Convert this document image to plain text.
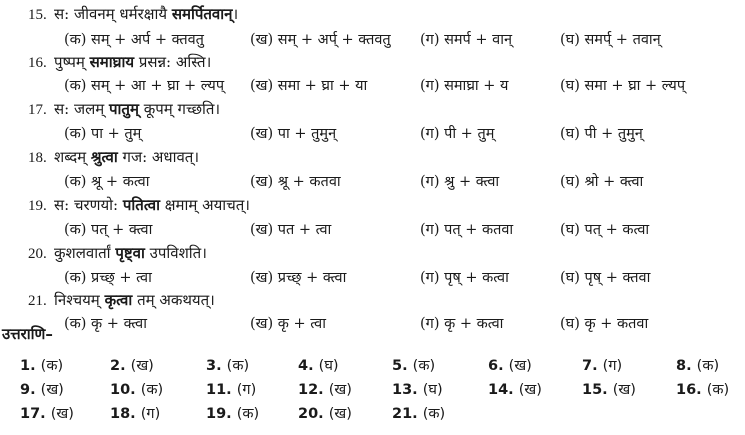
15. स: जीवनम् धर्मरक्षायै समर्पितवान्।
(क) सम् + अर्प + क्तवतु	(ख) सम् + अर्प् + क्तवतु (ग) समर्प + वान्	(घ) समर्प् + तवान्
16. पुष्पम् समाघ्राय प्रसन्न: अस्ति।
(क) सम् + आ + घ्रा + ल्यप् (ख) समा + घ्रा + या	(ग) समाघ्रा + य	(घ) समा + घ्रा + ल्यप्
17. स: जलम् पातुम् कूपम् गच्छति।
(क) पा + तुम्	(ख) पा + तुमुन्	(ग) पी + तुम्	(घ) पी + तुमुन्
18. शब्दम् श्रुत्वा गज: अधावत्।
(क) श्रू + कत्वा	(ख) श्रू + कतवा	(ग) श्रु + क्त्वा	(घ) श्रो + क्त्वा
19. स: चरणयो: पतित्वा क्षमाम् अयाचत्।
(क) पत् + क्त्वा	(ख) पत + त्वा	(ग) पत् + कतवा	(घ) पत् + कत्वा
20. कुशलवार्तां पृष्ट्वा उपविशति।
(क) प्रच्छ् + त्वा	(ख) प्रच्छ् + क्त्वा	(ग) पृष् + कत्वा	(घ) पृष् + क्तवा
21. निश्चयम् कृत्वा तम् अकथयत्।
(क) कृ + क्त्वा	(ख) कृ + त्वा	(ग) कृ + कत्वा	(घ) कृ + कतवा
उत्तराणि–
1. (क)	2. (ख)	3. (क)	4. (घ)	5. (क)	6. (ख)	7. (ग)	8. (क)
9. (ख)	10. (क)	11. (ग)	12. (ख)	13. (घ)	14. (ख)	15. (ख)	16. (क)
17. (ख) 18. (ग)	19. (क)	20. (ख)	21. (क)
